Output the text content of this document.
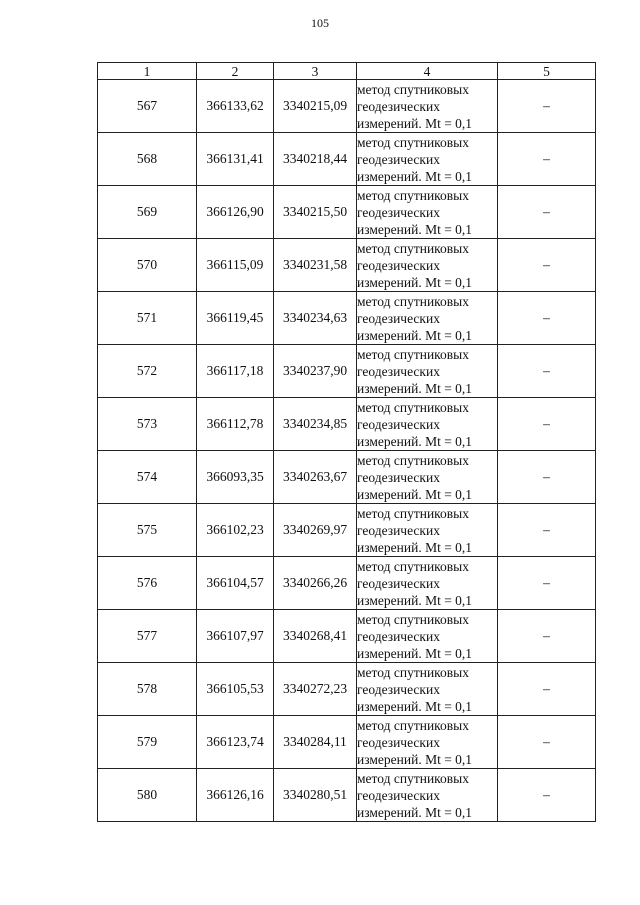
105
1	2	3	4	5
567	366133,62	3340215,09	метод спутниковых
геодезических
измерений. Mt = 0,1	–
568	366131,41	3340218,44	метод спутниковых
геодезических
измерений. Mt = 0,1	–
569	366126,90	3340215,50	метод спутниковых
геодезических
измерений. Mt = 0,1	–
570	366115,09	3340231,58	метод спутниковых
геодезических
измерений. Mt = 0,1	–
571	366119,45	3340234,63	метод спутниковых
геодезических
измерений. Mt = 0,1	–
572	366117,18	3340237,90	метод спутниковых
геодезических
измерений. Mt = 0,1	–
573	366112,78	3340234,85	метод спутниковых
геодезических
измерений. Mt = 0,1	–
574	366093,35	3340263,67	метод спутниковых
геодезических
измерений. Mt = 0,1	–
575	366102,23	3340269,97	метод спутниковых
геодезических
измерений. Mt = 0,1	–
576	366104,57	3340266,26	метод спутниковых
геодезических
измерений. Mt = 0,1	–
577	366107,97	3340268,41	метод спутниковых
геодезических
измерений. Mt = 0,1	–
578	366105,53	3340272,23	метод спутниковых
геодезических
измерений. Mt = 0,1	–
579	366123,74	3340284,11	метод спутниковых
геодезических
измерений. Mt = 0,1	–
580	366126,16	3340280,51	метод спутниковых
геодезических
измерений. Mt = 0,1	–
